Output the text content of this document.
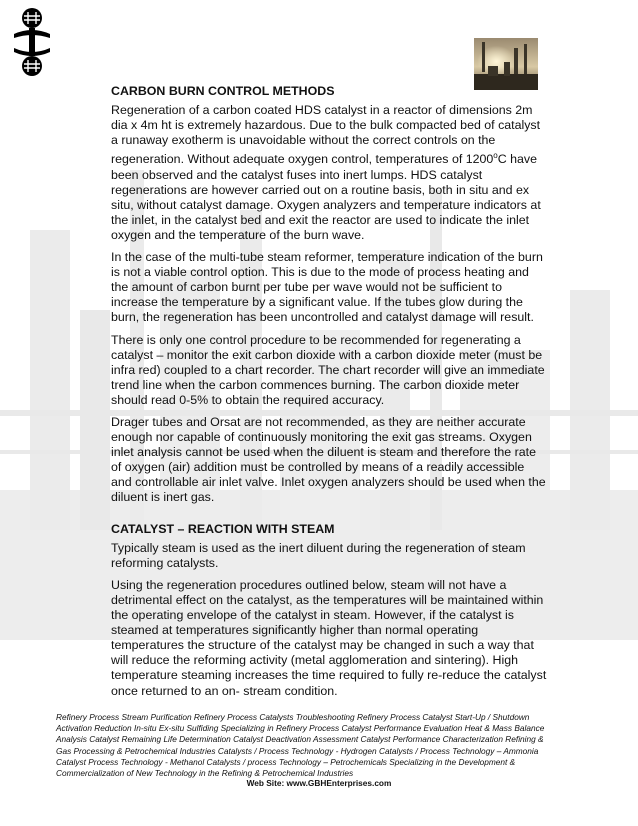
CARBON BURN CONTROL METHODS

Regeneration of a carbon coated HDS catalyst in a reactor of dimensions 2m dia x 4m ht is extremely hazardous. Due to the bulk compacted bed of catalyst a runaway exotherm is unavoidable without the correct controls on the regeneration. Without adequate oxygen control, temperatures of 1200$^o$C have been observed and the catalyst fuses into inert lumps. HDS catalyst regenerations are however carried out on a routine basis, both in situ and ex situ, without catalyst damage. Oxygen analyzers and temperature indicators at the inlet, in the catalyst bed and exit the reactor are used to indicate the inlet oxygen and the temperature of the burn wave.

In the case of the multi-tube steam reformer, temperature indication of the burn is not a viable control option. This is due to the mode of process heating and the amount of carbon burnt per tube per wave would not be sufficient to increase the temperature by a significant value. If the tubes glow during the burn, the regeneration has been uncontrolled and catalyst damage will result.

There is only one control procedure to be recommended for regenerating a catalyst – monitor the exit carbon dioxide with a carbon dioxide meter (must be infra red) coupled to a chart recorder. The chart recorder will give an immediate trend line when the carbon commences burning. The carbon dioxide meter should read 0-5% to obtain the required accuracy.

Drager tubes and Orsat are not recommended, as they are neither accurate enough nor capable of continuously monitoring the exit gas streams. Oxygen inlet analysis cannot be used when the diluent is steam and therefore the rate of oxygen (air) addition must be controlled by means of a readily accessible and controllable air inlet valve. Inlet oxygen analyzers should be used when the diluent is inert gas.

CATALYST – REACTION WITH STEAM

Typically steam is used as the inert diluent during the regeneration of steam reforming catalysts.

Using the regeneration procedures outlined below, steam will not have a detrimental effect on the catalyst, as the temperatures will be maintained within the operating envelope of the catalyst in steam. However, if the catalyst is steamed at temperatures significantly higher than normal operating temperatures the structure of the catalyst may be changed in such a way that will reduce the reforming activity (metal agglomeration and sintering). High temperature steaming increases the time required to fully re-reduce the catalyst once returned to an on- stream condition.

Refinery Process Stream Purification Refinery Process Catalysts Troubleshooting Refinery Process Catalyst Start-Up / Shutdown Activation Reduction In-situ Ex-situ Sulfiding Specializing in Refinery Process Catalyst Performance Evaluation Heat & Mass Balance Analysis Catalyst Remaining Life Determination Catalyst Deactivation Assessment Catalyst Performance Characterization Refining & Gas Processing & Petrochemical Industries Catalysts / Process Technology - Hydrogen Catalysts / Process Technology – Ammonia Catalyst Process Technology - Methanol Catalysts / process Technology – Petrochemicals Specializing in the Development & Commercialization of New Technology in the Refining & Petrochemical Industries
Web Site: www.GBHEnterprises.com
